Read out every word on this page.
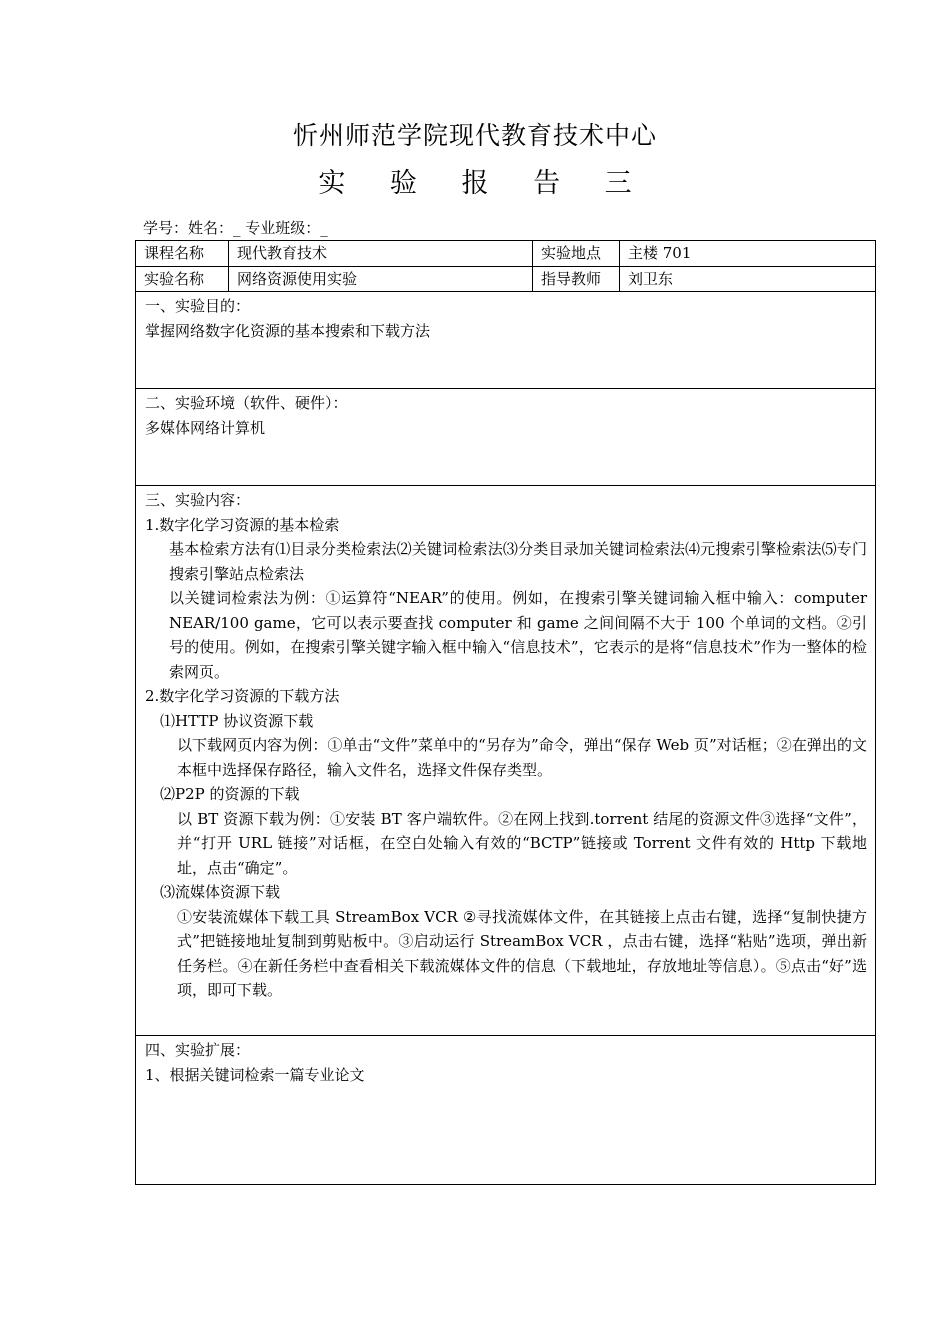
忻州师范学院现代教育技术中心
实 验 报 告 三
学号：姓名：_ 专业班级：_
课程名称	现代教育技术	实验地点	主楼 701
实验名称	网络资源使用实验	指导教师	刘卫东

一、实验目的：

掌握网络数字化资源的基本搜索和下载方法

二、实验环境（软件、硬件）：

多媒体网络计算机

三、实验内容：

1.数字化学习资源的基本检索

基本检索方法有⑴目录分类检索法⑵关键词检索法⑶分类目录加关键词检索法⑷元搜索引擎检索法⑸专门搜索引擎站点检索法

以关键词检索法为例：①运算符“NEAR”的使用。例如，在搜索引擎关键词输入框中输入：computer NEAR/100 game，它可以表示要查找 computer 和 game 之间间隔不大于 100 个单词的文档。②引号的使用。例如，在搜索引擎关键字输入框中输入“信息技术”，它表示的是将“信息技术”作为一整体的检索网页。

2.数字化学习资源的下载方法

⑴HTTP 协议资源下载

以下载网页内容为例：①单击“文件”菜单中的“另存为”命令，弹出“保存 Web 页”对话框；②在弹出的文本框中选择保存路径，输入文件名，选择文件保存类型。

⑵P2P 的资源的下载

以 BT 资源下载为例：①安装 BT 客户端软件。②在网上找到.torrent 结尾的资源文件③选择“文件”，并“打开 URL 链接”对话框，在空白处输入有效的“BCTP”链接或 Torrent 文件有效的 Http 下载地址，点击“确定”。

⑶流媒体资源下载

①安装流媒体下载工具 StreamBox VCR ②寻找流媒体文件，在其链接上点击右键，选择“复制快捷方式”把链接地址复制到剪贴板中。③启动运行 StreamBox VCR ，点击右键，选择“粘贴”选项，弹出新任务栏。④在新任务栏中查看相关下载流媒体文件的信息（下载地址，存放地址等信息）。⑤点击“好”选项，即可下载。

四、实验扩展：

1、根据关键词检索一篇专业论文
